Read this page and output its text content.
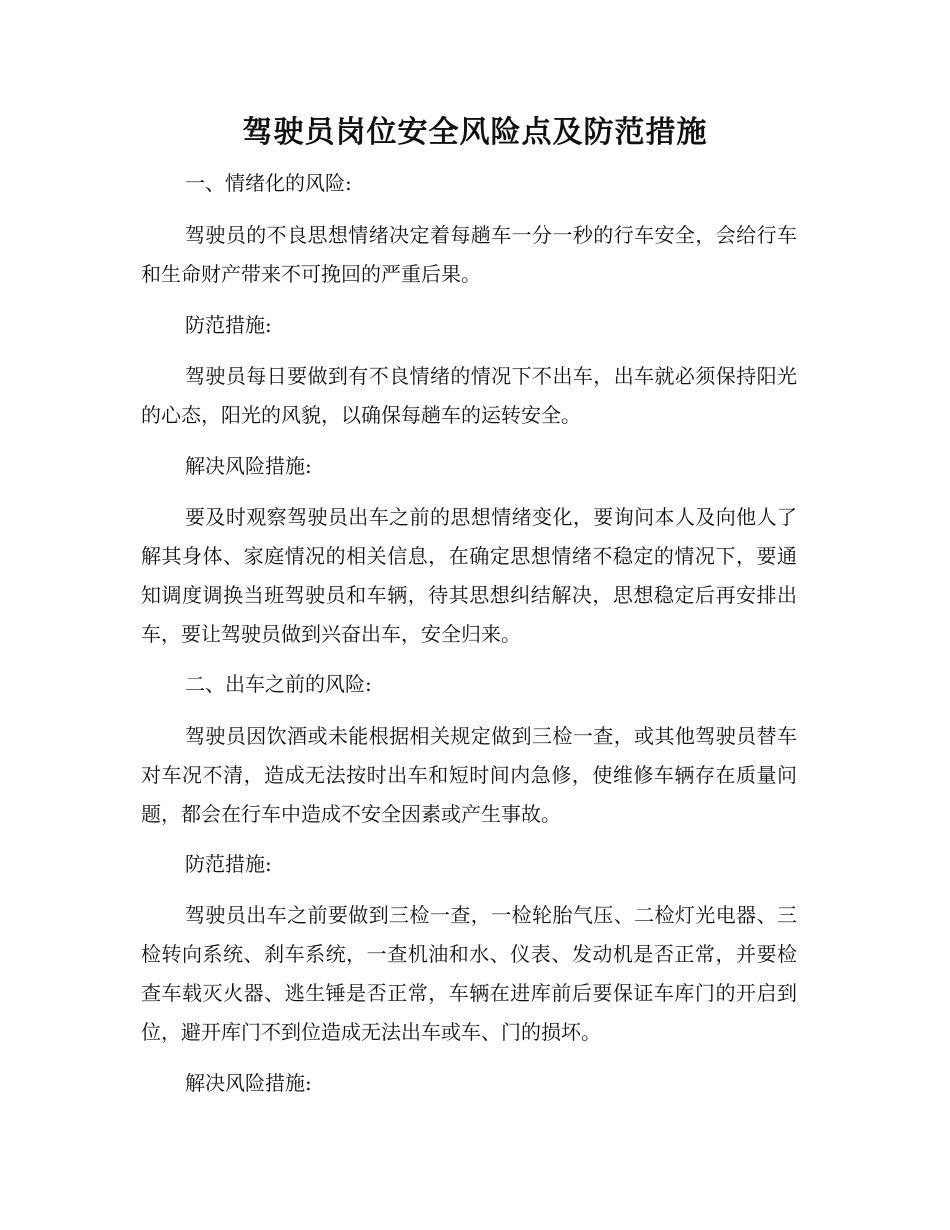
驾驶员岗位安全风险点及防范措施

一、情绪化的风险:

驾驶员的不良思想情绪决定着每趟车一分一秒的行车安全，会给行车和生命财产带来不可挽回的严重后果。

防范措施:

驾驶员每日要做到有不良情绪的情况下不出车，出车就必须保持阳光的心态，阳光的风貌，以确保每趟车的运转安全。

解决风险措施:

要及时观察驾驶员出车之前的思想情绪变化，要询问本人及向他人了解其身体、家庭情况的相关信息，在确定思想情绪不稳定的情况下，要通知调度调换当班驾驶员和车辆，待其思想纠结解决，思想稳定后再安排出车，要让驾驶员做到兴奋出车，安全归来。

二、出车之前的风险:

驾驶员因饮酒或未能根据相关规定做到三检一查，或其他驾驶员替车对车况不清，造成无法按时出车和短时间内急修，使维修车辆存在质量问题，都会在行车中造成不安全因素或产生事故。

防范措施:

驾驶员出车之前要做到三检一查，一检轮胎气压、二检灯光电器、三检转向系统、刹车系统，一查机油和水、仪表、发动机是否正常，并要检查车载灭火器、逃生锤是否正常，车辆在进库前后要保证车库门的开启到位，避开库门不到位造成无法出车或车、门的损坏。

解决风险措施:
